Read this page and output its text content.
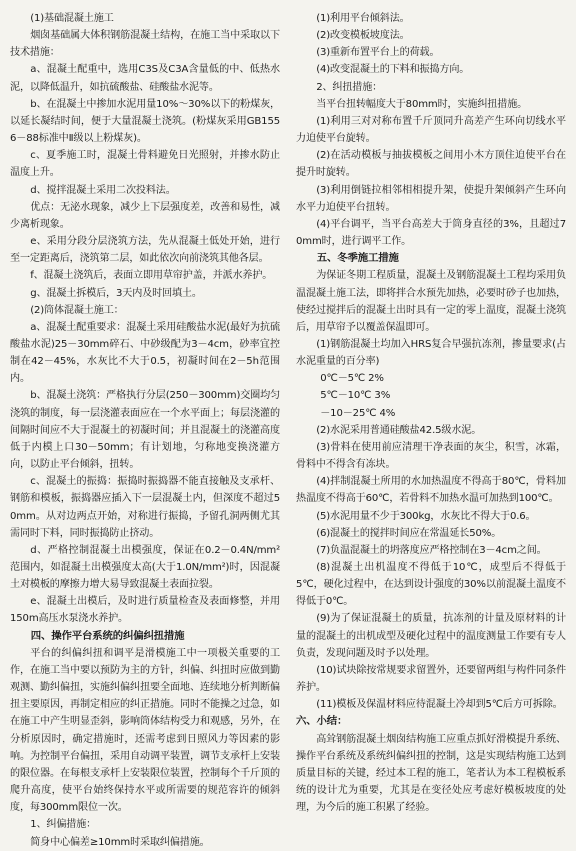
(1)基础混凝土施工

烟囱基础属大体积钢筋混凝土结构，在施工当中采取以下技术措施：

a、混凝土配重中，选用C3S及C3A含量低的中、低热水泥，以降低温升，如抗硫酸盐、硅酸盐水泥等。

b、在混凝土中掺加水泥用量10%～30%以下的粉煤灰，以延长凝结时间，便于大量混凝土浇筑。(粉煤灰采用GB1556－88标准中Ⅱ级以上粉煤灰)。

c、夏季施工时，混凝土骨料避免日光照射，并掺水防止温度上升。

d、搅拌混凝土采用二次投料法。

优点：无泌水现象，减少上下层强度差，改善和易性，减少离析现象。

e、采用分段分层浇筑方法，先从混凝土低处开始，进行至一定距离后，浇筑第二层，如此依次向前浇筑其他各层。

f、混凝土浇筑后，表面立即用草帘护盖，并派水养护。

g、混凝土拆模后，3天内及时回填土。

(2)筒体混凝土施工：

a、混凝土配重要求：混凝土采用硅酸盐水泥(最好为抗硫酸盐水泥)25－30mm碎石、中砂级配为3－4cm，砂率宜控制在42－45%，水灰比不大于0.5，初凝时间在2－5h范围内。

b、混凝土浇筑：严格执行分层(250－300mm)交圈均匀浇筑的制度，每一层浇灌表面应在一个水平面上；每层浇灌的间隔时间应不大于混凝土的初凝时间；并且混凝土的浇灌高度低于内模上口30－50mm；有计划地，匀称地变换浇灌方向，以防止平台倾斜，扭转。

c、混凝土的振捣：振捣时振捣器不能直接触及支承杆、钢筋和模板，振捣器应插入下一层混凝土内，但深度不超过50mm。从对边两点开始，对称进行振捣，予留孔洞两侧尤其需同时下料，同时振捣防止挤动。

d、严格控制混凝土出模强度，保证在0.2－0.4N/mm²范围内，如混凝土出模强度太高(大于1.0N/mm²)时，因混凝土对模板的摩擦力增大易导致混凝土表面拉裂。

e、混凝土出模后，及时进行质量检查及表面修整，并用150m高压水泵浇水养护。

四、操作平台系统的纠偏纠扭措施

平台的纠偏纠扭和调平是滑模施工中一项极关重要的工作，在施工当中要以预防为主的方针，纠偏、纠扭时应做到勤观测、勤纠偏扭，实施纠偏纠扭要全面地、连续地分析判断偏扭主要原因，再制定相应的纠正措施。同时不能操之过急，如在施工中产生明显歪斜，影响筒体结构受力和观感，另外，在分析原因时，确定措施时，还需考虑到日照风力等因素的影响。为控制平台偏扭，采用自动调平装置，调节支承杆上安装的限位器。在每根支承杆上安装限位装置，控制每个千斤顶的爬升高度，使平台始终保持水平或所需要的规范容许的倾斜度，每300mm限位一次。

1、纠偏措施：

简身中心偏差≥10mm时采取纠偏措施。

(1)利用平台倾斜法。

(2)改变模板坡度法。

(3)重新布置平台上的荷载。

(4)改变混凝土的下料和振捣方向。

2、纠扭措施：

当平台扭转幅度大于80mm时，实施纠扭措施。

(1)利用三对对称布置千斤顶同升高差产生环向切线水平力迫使平台旋转。

(2)在活动模板与抽拔模板之间用小木方顶住迫使平台在提升时旋转。

(3)利用倒链拉相邻相相提升架，使提升架倾斜产生环向水平力迫使平台扭转。

(4)平台调平，当平台高差大于筒身直径的3%，且超过70mm时，进行调平工作。

五、冬季施工措施

为保证冬期工程质量，混凝土及钢筋混凝土工程均采用负温混凝土施工法，即将拌合水预先加热，必要时砂子也加热，使经过搅拌后的混凝土出时具有一定的零上温度，混凝土浇筑后，用草帘予以覆盖保温即可。

(1)钢筋混凝土均加入HRS复合早强抗冻剂，掺量要求(占水泥重量的百分率)

0℃－5℃ 2%

5℃－10℃ 3%

－10－25℃ 4%

(2)水泥采用普通硅酸盐42.5级水泥。

(3)骨料在使用前应清理干净表面的灰尘，积雪，冰霜，骨料中不得含有冻块。

(4)拌制混凝土所用的水加热温度不得高于80℃，骨料加热温度不得高于60℃，若骨料不加热水温可加热到100℃。

(5)水泥用量不少于300kg，水灰比不得大于0.6。

(6)混凝土的搅拌时间应在常温延长50%。

(7)负温混凝土的坍落度应严格控制在3－4cm之间。

(8)混凝土出机温度不得低于10℃，成型后不得低于5℃，硬化过程中，在达到设计强度的30%以前混凝土温度不得低于0℃。

(9)为了保证混凝土的质量，抗冻剂的计量及原材料的计量的混凝土的出机成型及硬化过程中的温度测量工作要有专人负责，发现问题及时予以处理。

(10)试块除按常规要求留置外，还要留两组与构件同条件养护。

(11)模板及保温材料应待混凝土冷却到5℃后方可拆除。

六、小结：

高耸钢筋混凝土烟囱结构施工应重点抓好滑模提升系统、操作平台系统及系统纠偏纠扭的控制，这是实现结构施工达到质量目标的关键，经过本工程的施工，笔者认为本工程模板系统的设计尤为重要，尤其是在变径处应考虑好模板坡度的处理，为今后的施工积累了经验。
